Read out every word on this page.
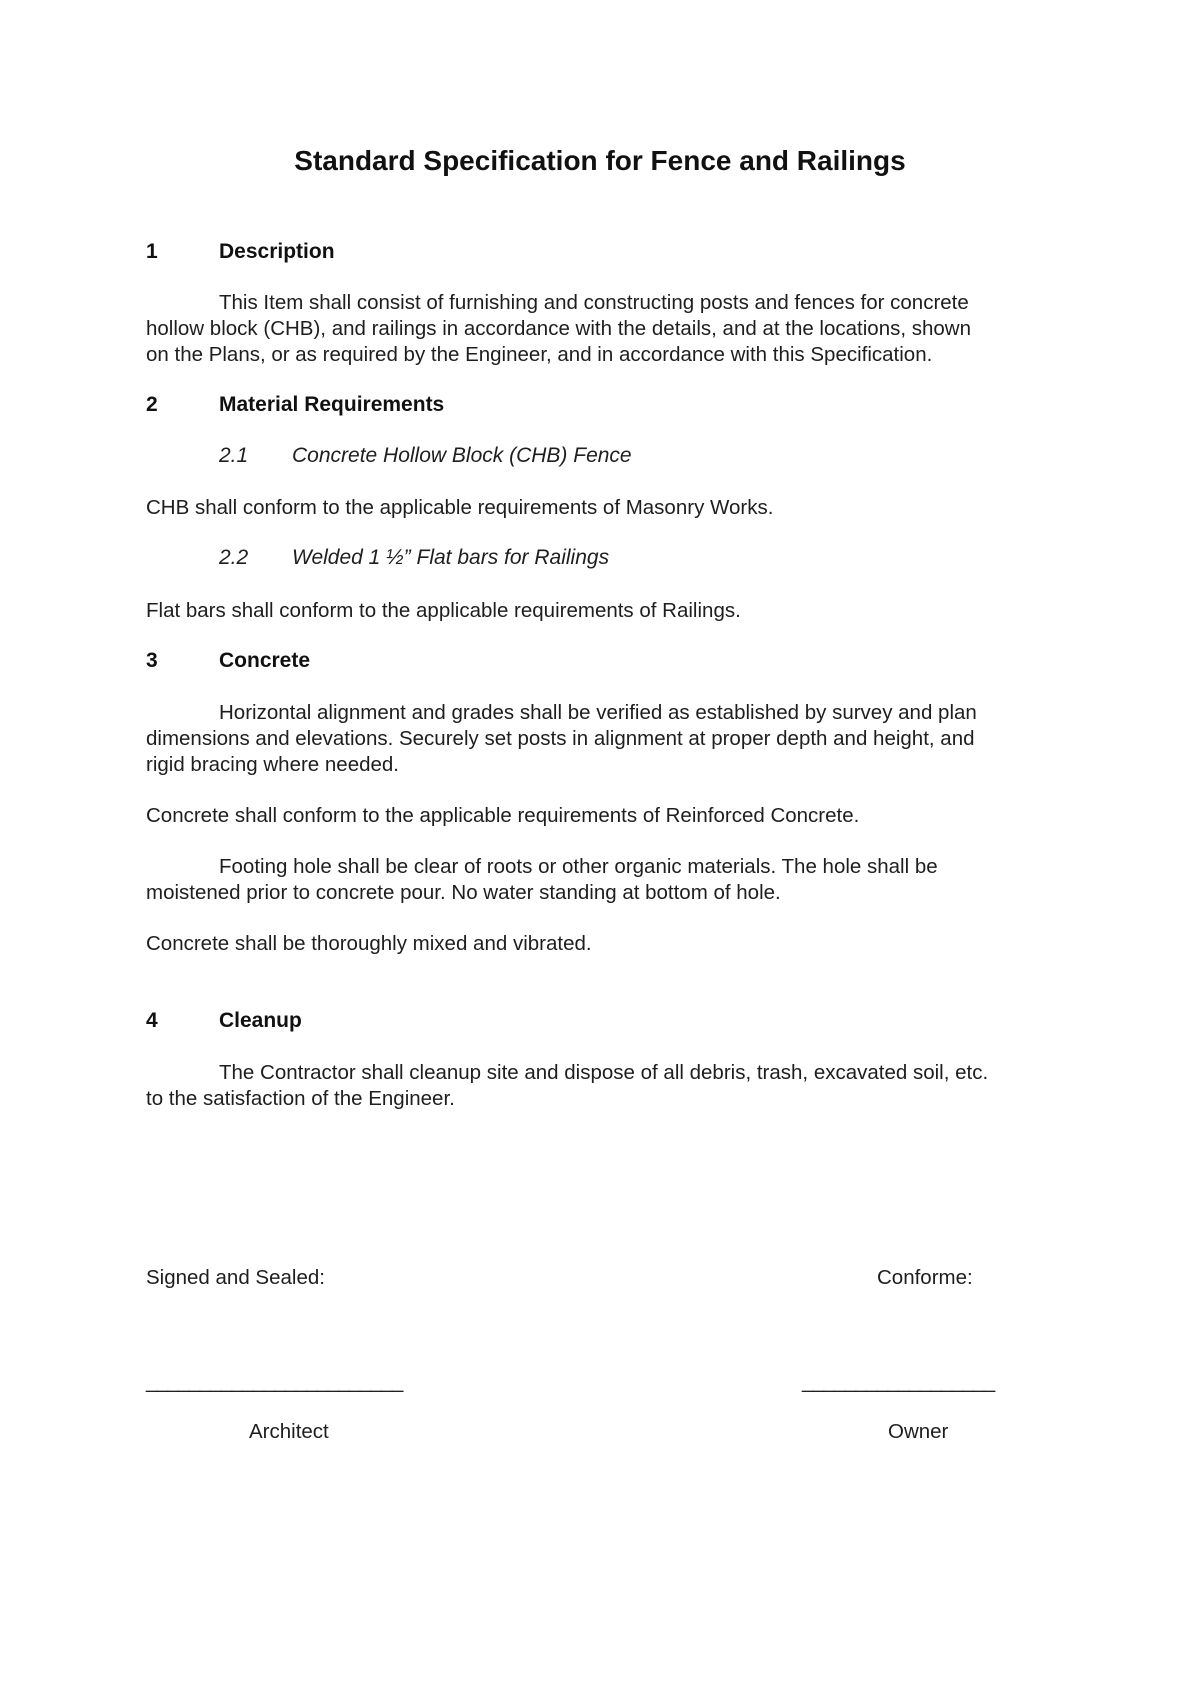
Standard Specification for Fence and Railings
1	Description
This Item shall consist of furnishing and constructing posts and fences for concrete
hollow block (CHB), and railings in accordance with the details, and at the locations, shown
on the Plans, or as required by the Engineer, and in accordance with this Specification.
2	Material Requirements
2.1 Concrete Hollow Block (CHB) Fence
CHB shall conform to the applicable requirements of Masonry Works.
2.2 Welded 1 ½” Flat bars for Railings
Flat bars shall conform to the applicable requirements of Railings.
3	Concrete
Horizontal alignment and grades shall be verified as established by survey and plan
dimensions and elevations. Securely set posts in alignment at proper depth and height, and
rigid bracing where needed.
Concrete shall conform to the applicable requirements of Reinforced Concrete.
Footing hole shall be clear of roots or other organic materials. The hole shall be
moistened prior to concrete pour. No water standing at bottom of hole.
Concrete shall be thoroughly mixed and vibrated.
4	Cleanup
The Contractor shall cleanup site and dispose of all debris, trash, excavated soil, etc.
to the satisfaction of the Engineer.
Signed and Sealed:	Conforme:
________________________	__________________
Architect	Owner
